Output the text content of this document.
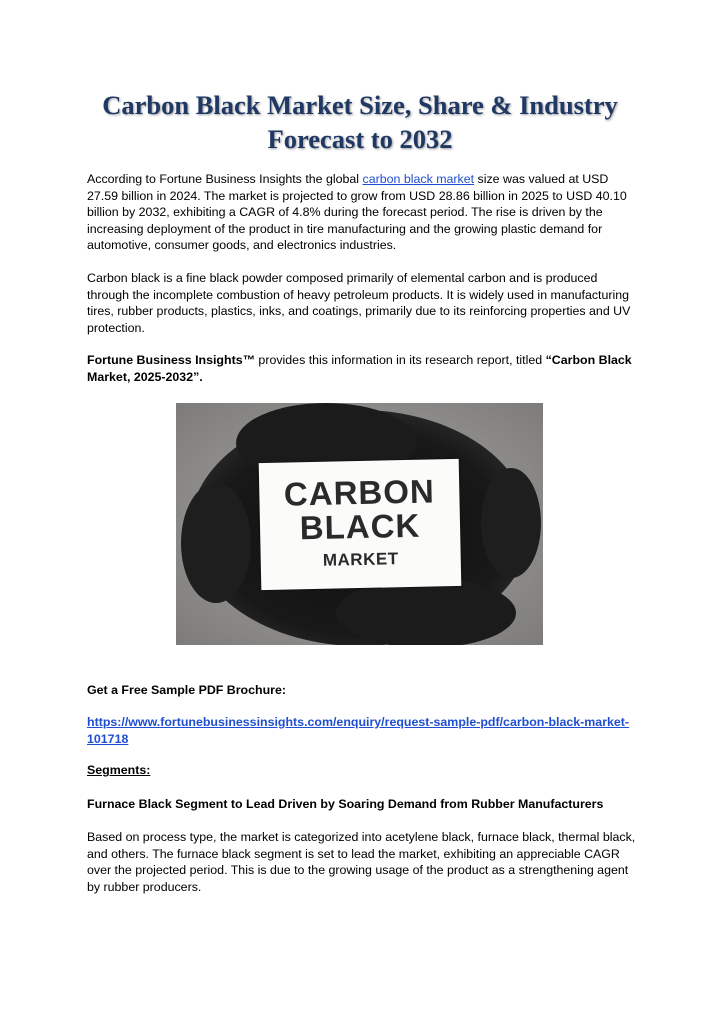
Carbon Black Market Size, Share & Industry
Forecast to 2032

According to Fortune Business Insights the global carbon black market size was valued at USD 27.59 billion in 2024. The market is projected to grow from USD 28.86 billion in 2025 to USD 40.10 billion by 2032, exhibiting a CAGR of 4.8% during the forecast period. The rise is driven by the increasing deployment of the product in tire manufacturing and the growing plastic demand for automotive, consumer goods, and electronics industries.

Carbon black is a fine black powder composed primarily of elemental carbon and is produced through the incomplete combustion of heavy petroleum products. It is widely used in manufacturing tires, rubber products, plastics, inks, and coatings, primarily due to its reinforcing properties and UV protection.

Fortune Business Insights™ provides this information in its research report, titled “Carbon Black Market, 2025-2032”.

CARBON
BLACK
MARKET
Get a Free Sample PDF Brochure:
https://www.fortunebusinessinsights.com/enquiry/request-sample-pdf/carbon-black-market-101718
Segments:
Furnace Black Segment to Lead Driven by Soaring Demand from Rubber Manufacturers

Based on process type, the market is categorized into acetylene black, furnace black, thermal black, and others. The furnace black segment is set to lead the market, exhibiting an appreciable CAGR over the projected period. This is due to the growing usage of the product as a strengthening agent by rubber producers.
